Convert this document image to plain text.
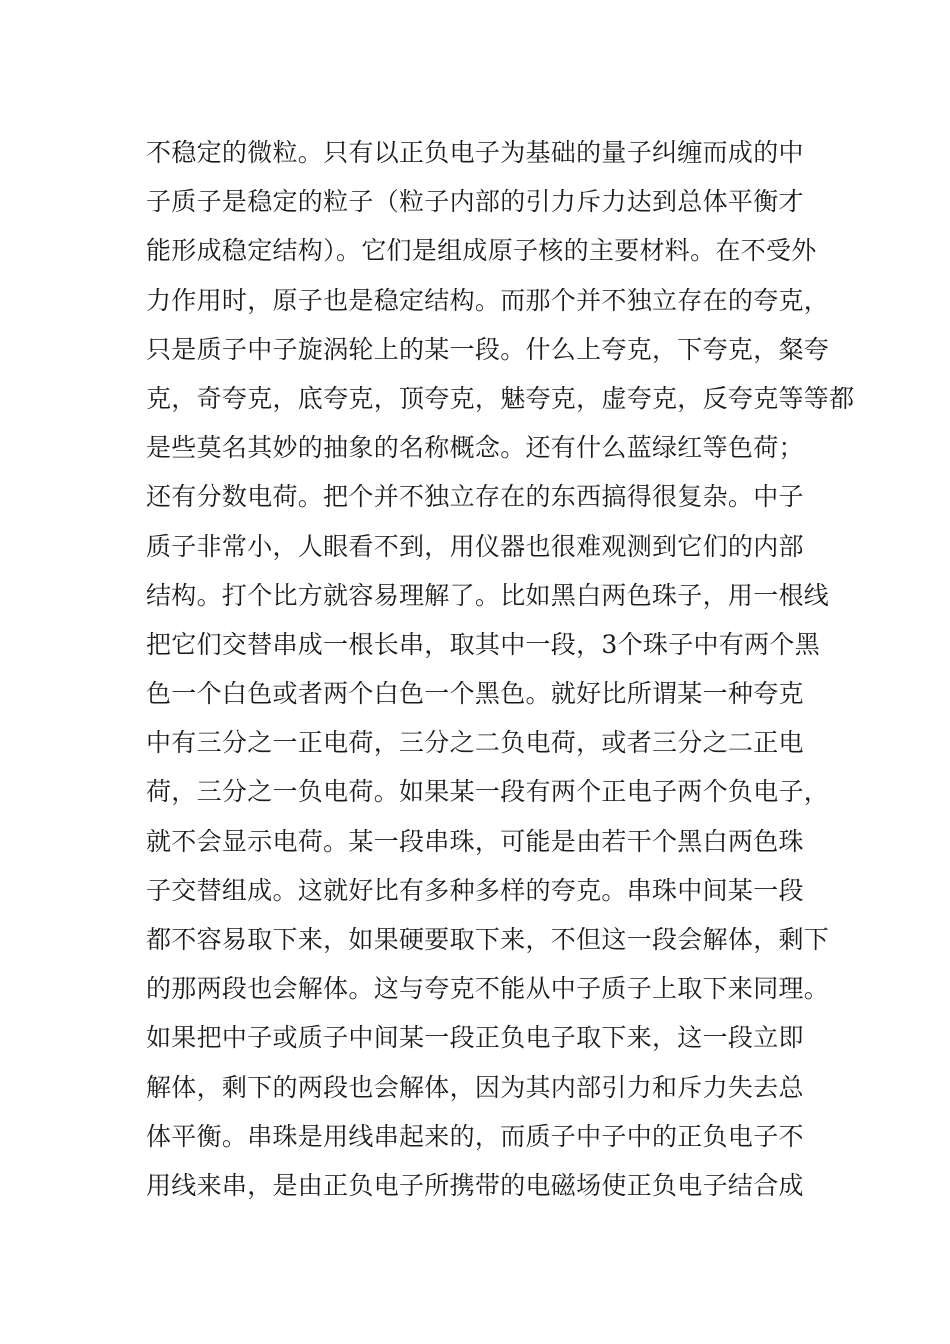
不稳定的微粒。只有以正负电子为基础的量子纠缠而成的中
子质子是稳定的粒子（粒子内部的引力斥力达到总体平衡才
能形成稳定结构）。它们是组成原子核的主要材料。在不受外
力作用时，原子也是稳定结构。而那个并不独立存在的夸克，
只是质子中子旋涡轮上的某一段。什么上夸克，下夸克，粲夸
克，奇夸克，底夸克，顶夸克，魅夸克，虚夸克，反夸克等等都
是些莫名其妙的抽象的名称概念。还有什么蓝绿红等色荷；
还有分数电荷。把个并不独立存在的东西搞得很复杂。中子
质子非常小，人眼看不到，用仪器也很难观测到它们的内部
结构。打个比方就容易理解了。比如黑白两色珠子，用一根线
把它们交替串成一根长串，取其中一段，3个珠子中有两个黑
色一个白色或者两个白色一个黑色。就好比所谓某一种夸克
中有三分之一正电荷，三分之二负电荷，或者三分之二正电
荷，三分之一负电荷。如果某一段有两个正电子两个负电子，
就不会显示电荷。某一段串珠，可能是由若干个黑白两色珠
子交替组成。这就好比有多种多样的夸克。串珠中间某一段
都不容易取下来，如果硬要取下来，不但这一段会解体，剩下
的那两段也会解体。这与夸克不能从中子质子上取下来同理。
如果把中子或质子中间某一段正负电子取下来，这一段立即
解体，剩下的两段也会解体，因为其内部引力和斥力失去总
体平衡。串珠是用线串起来的，而质子中子中的正负电子不
用线来串，是由正负电子所携带的电磁场使正负电子结合成
